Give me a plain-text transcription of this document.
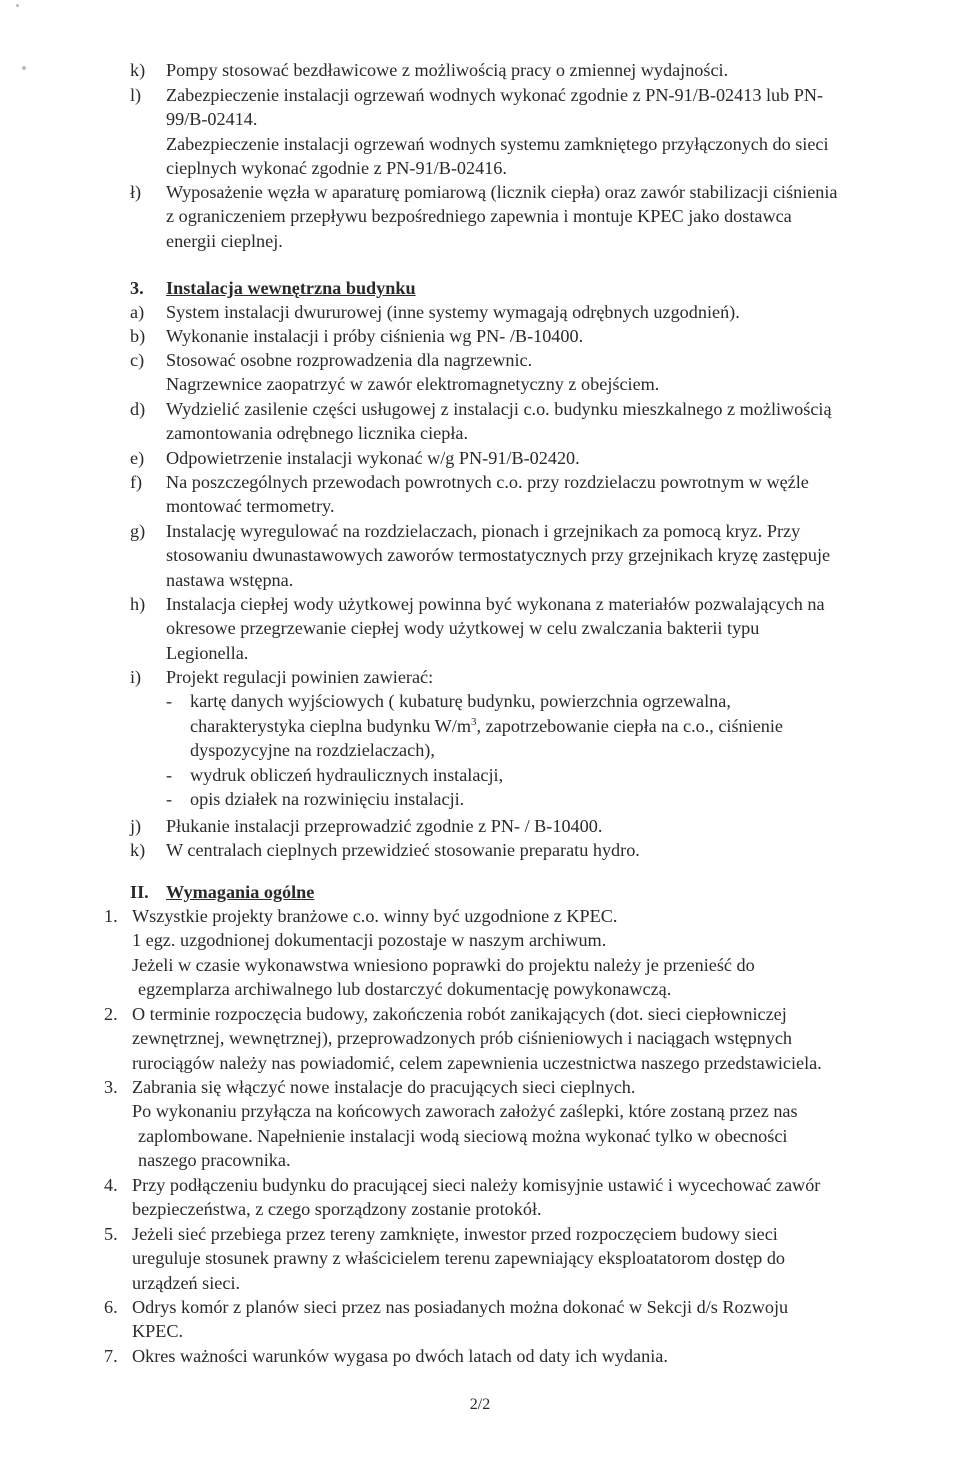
k) Pompy stosować bezdławicowe z możliwością pracy o zmiennej wydajności.
l) Zabezpieczenie instalacji ogrzewań wodnych wykonać zgodnie z PN-91/B-02413 lub PN-
99/B-02414.
Zabezpieczenie instalacji ogrzewań wodnych systemu zamkniętego przyłączonych do sieci
cieplnych wykonać zgodnie z PN-91/B-02416.
ł) Wyposażenie węzła w aparaturę pomiarową (licznik ciepła) oraz zawór stabilizacji ciśnienia
z ograniczeniem przepływu bezpośredniego zapewnia i montuje KPEC jako dostawca
energii cieplnej.
3. Instalacja wewnętrzna budynku
a) System instalacji dwururowej (inne systemy wymagają odrębnych uzgodnień).
b) Wykonanie instalacji i próby ciśnienia wg PN- /B-10400.
c) Stosować osobne rozprowadzenia dla nagrzewnic.
Nagrzewnice zaopatrzyć w zawór elektromagnetyczny z obejściem.
d) Wydzielić zasilenie części usługowej z instalacji c.o. budynku mieszkalnego z możliwością
zamontowania odrębnego licznika ciepła.
e) Odpowietrzenie instalacji wykonać w/g PN-91/B-02420.
f) Na poszczególnych przewodach powrotnych c.o. przy rozdzielaczu powrotnym w węźle
montować termometry.
g) Instalację wyregulować na rozdzielaczach, pionach i grzejnikach za pomocą kryz. Przy
stosowaniu dwunastawowych zaworów termostatycznych przy grzejnikach kryzę zastępuje
nastawa wstępna.
h) Instalacja ciepłej wody użytkowej powinna być wykonana z materiałów pozwalających na
okresowe przegrzewanie ciepłej wody użytkowej w celu zwalczania bakterii typu
Legionella.
i) Projekt regulacji powinien zawierać:
- kartę danych wyjściowych ( kubaturę budynku, powierzchnia ogrzewalna,
charakterystyka cieplna budynku $W/m^3$, zapotrzebowanie ciepła na c.o., ciśnienie
dyspozycyjne na rozdzielaczach),
- wydruk obliczeń hydraulicznych instalacji,
- opis działek na rozwinięciu instalacji.
j) Płukanie instalacji przeprowadzić zgodnie z PN- / B-10400.
k) W centralach cieplnych przewidzieć stosowanie preparatu hydro.
II. Wymagania ogólne
1. Wszystkie projekty branżowe c.o. winny być uzgodnione z KPEC.
1 egz. uzgodnionej dokumentacji pozostaje w naszym archiwum.
Jeżeli w czasie wykonawstwa wniesiono poprawki do projektu należy je przenieść do
egzemplarza archiwalnego lub dostarczyć dokumentację powykonawczą.
2. O terminie rozpoczęcia budowy, zakończenia robót zanikających (dot. sieci ciepłowniczej
zewnętrznej, wewnętrznej), przeprowadzonych prób ciśnieniowych i naciągach wstępnych
rurociągów należy nas powiadomić, celem zapewnienia uczestnictwa naszego przedstawiciela.
3. Zabrania się włączyć nowe instalacje do pracujących sieci cieplnych.
Po wykonaniu przyłącza na końcowych zaworach założyć zaślepki, które zostaną przez nas
zaplombowane. Napełnienie instalacji wodą sieciową można wykonać tylko w obecności
naszego pracownika.
4. Przy podłączeniu budynku do pracującej sieci należy komisyjnie ustawić i wycechować zawór
bezpieczeństwa, z czego sporządzony zostanie protokół.
5. Jeżeli sieć przebiega przez tereny zamknięte, inwestor przed rozpoczęciem budowy sieci
ureguluje stosunek prawny z właścicielem terenu zapewniający eksploatatorom dostęp do
urządzeń sieci.
6. Odrys komór z planów sieci przez nas posiadanych można dokonać w Sekcji d/s Rozwoju
KPEC.
7. Okres ważności warunków wygasa po dwóch latach od daty ich wydania.
2/2
